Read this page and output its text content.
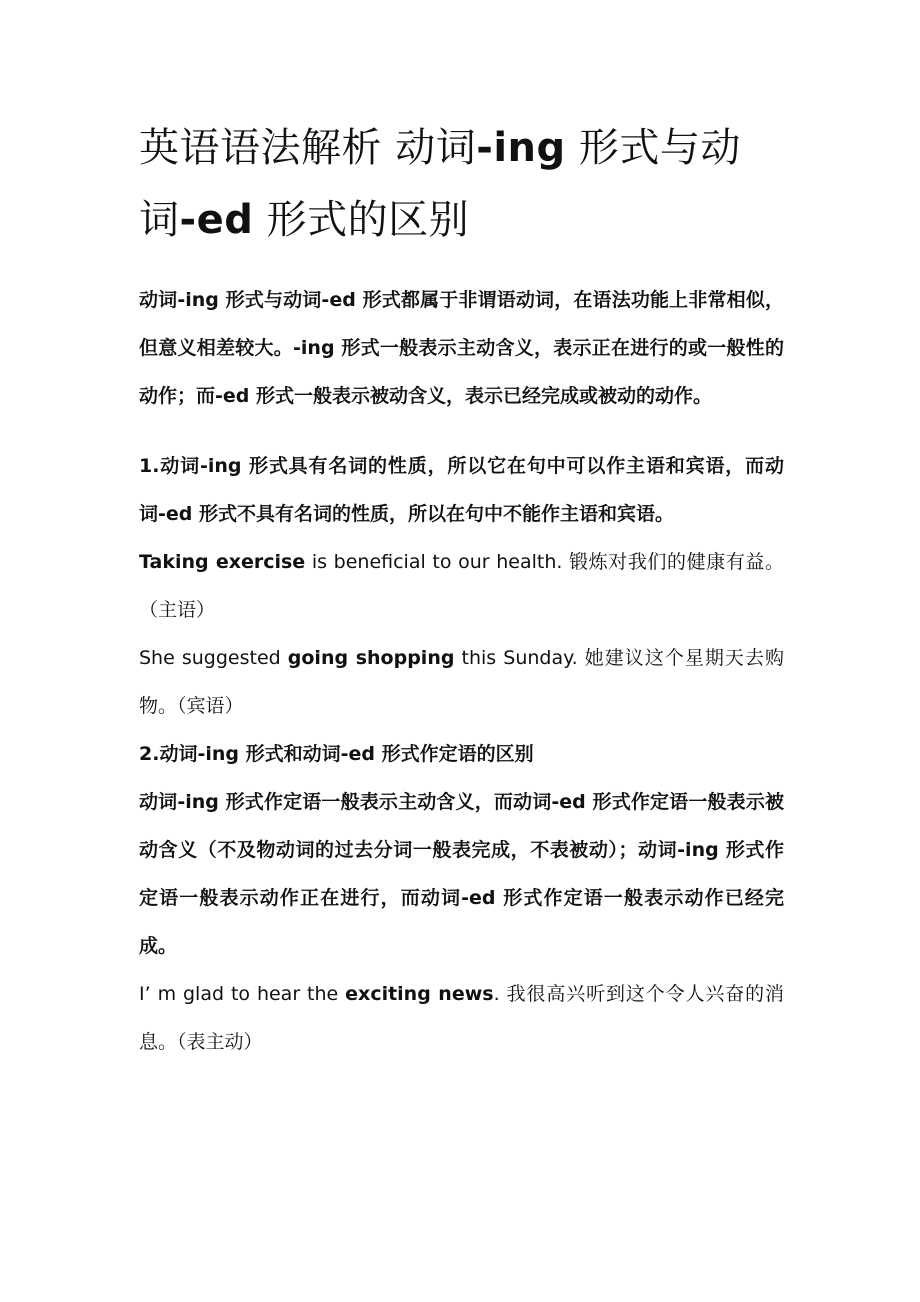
英语语法解析 动词-ing 形式与动词-ed 形式的区别

动词-ing 形式与动词-ed 形式都属于非谓语动词，在语法功能上非常相似，但意义相差较大。-ing 形式一般表示主动含义，表示正在进行的或一般性的动作；而-ed 形式一般表示被动含义，表示已经完成或被动的动作。

1.动词-ing 形式具有名词的性质，所以它在句中可以作主语和宾语，而动词-ed 形式不具有名词的性质，所以在句中不能作主语和宾语。

Taking exercise is beneficial to our health. 锻炼对我们的健康有益。（主语）

She suggested going shopping this Sunday. 她建议这个星期天去购物。（宾语）

2.动词-ing 形式和动词-ed 形式作定语的区别

动词-ing 形式作定语一般表示主动含义，而动词-ed 形式作定语一般表示被动含义（不及物动词的过去分词一般表完成，不表被动）；动词-ing 形式作定语一般表示动作正在进行，而动词-ed 形式作定语一般表示动作已经完成。

I’ m glad to hear the exciting news. 我很高兴听到这个令人兴奋的消息。（表主动）
